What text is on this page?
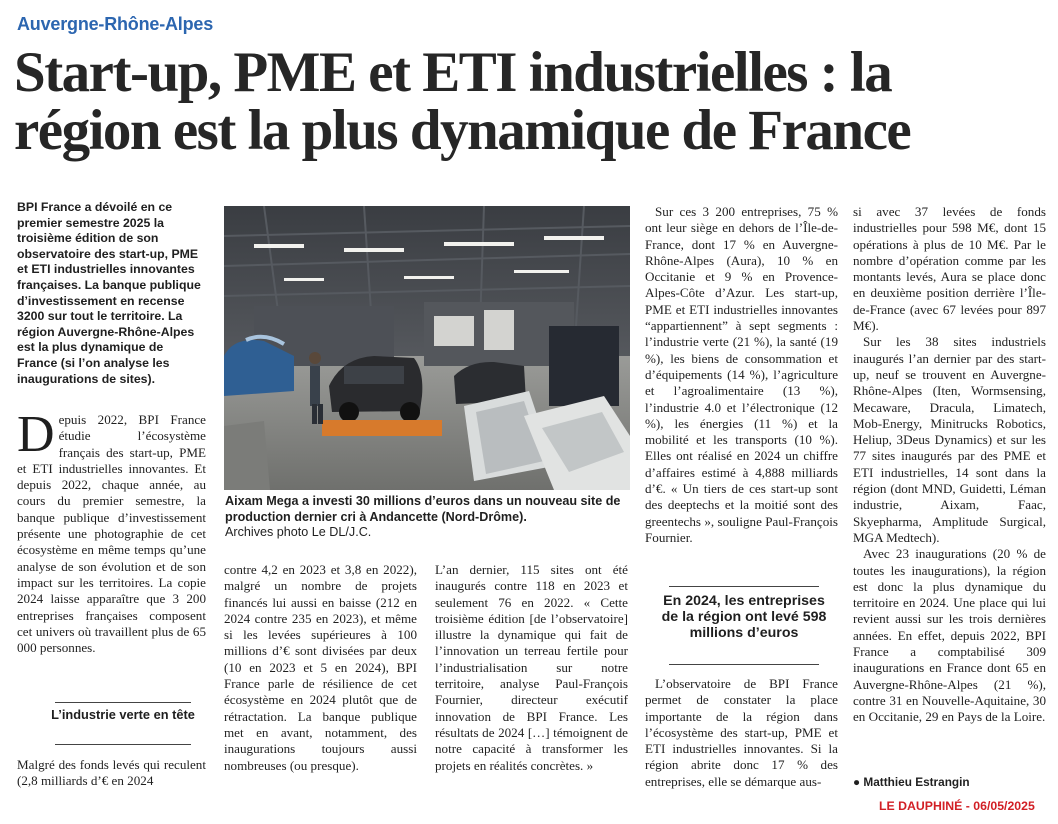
Auvergne-Rhône-Alpes
Start-up, PME et ETI industrielles : la
région est la plus dynamique de France
BPI France a dévoilé en ce premier semestre 2025 la troisième édition de son observatoire des start-up, PME et ETI industrielles innovantes françaises. La banque publique d’investissement en recense 3200 sur tout le territoire. La région Auvergne-Rhône-Alpes est la plus dynamique de France (si l’on analyse les inaugurations de sites).

Depuis 2022, BPI France étudie l’écosystème français des start-up, PME et ETI industrielles innovantes. Et depuis 2022, chaque année, au cours du premier semestre, la banque publique d’investissement présente une photographie de cet écosystème en même temps qu’une analyse de son évolution et de son impact sur les territoires. La copie 2024 laisse apparaître que 3 200 entreprises françaises composent cet univers où travaillent plus de 65 000 personnes.

L’industrie verte en tête

Malgré des fonds levés qui reculent (2,8 milliards d’€ en 2024

Aixam Mega a investi 30 millions d’euros dans un nouveau site de production dernier cri à Andancette (Nord-Drôme).
Archives photo Le DL/J.C.

contre 4,2 en 2023 et 3,8 en 2022), malgré un nombre de projets financés lui aussi en baisse (212 en 2024 contre 235 en 2023), et même si les levées supérieures à 100 millions d’€ sont divisées par deux (10 en 2023 et 5 en 2024), BPI France parle de résilience de cet écosystème en 2024 plutôt que de rétractation. La banque publique met en avant, notamment, des inaugurations toujours aussi nombreuses (ou presque).

L’an dernier, 115 sites ont été inaugurés contre 118 en 2023 et seulement 76 en 2022. « Cette troisième édition [de l’observatoire] illustre la dynamique qui fait de l’innovation un terreau fertile pour l’industrialisation sur notre territoire, analyse Paul-François Fournier, directeur exécutif innovation de BPI France. Les résultats de 2024 […] témoignent de notre capacité à transformer les projets en réalités concrètes. »

Sur ces 3 200 entreprises, 75 % ont leur siège en dehors de l’Île-de-France, dont 17 % en Auvergne-Rhône-Alpes (Aura), 10 % en Occitanie et 9 % en Provence-Alpes-Côte d’Azur. Les start-up, PME et ETI industrielles innovantes “appartiennent” à sept segments : l’industrie verte (21 %), la santé (19 %), les biens de consommation et d’équipements (14 %), l’agriculture et l’agroalimentaire (13 %), l’industrie 4.0 et l’électronique (12 %), les énergies (11 %) et la mobilité et les transports (10 %). Elles ont réalisé en 2024 un chiffre d’affaires estimé à 4,888 milliards d’€. « Un tiers de ces start-up sont des deeptechs et la moitié sont des greentechs », souligne Paul-François Fournier.

En 2024, les entreprises de la région ont levé 598 millions d’euros

L’observatoire de BPI France permet de constater la place importante de la région dans l’écosystème des start-up, PME et ETI industrielles innovantes. Si la région abrite donc 17 % des entreprises, elle se démarque aus-

si avec 37 levées de fonds industrielles pour 598 M€, dont 15 opérations à plus de 10 M€. Par le nombre d’opération comme par les montants levés, Aura se place donc en deuxième position derrière l’Île-de-France (avec 67 levées pour 897 M€).

Sur les 38 sites industriels inaugurés l’an dernier par des start-up, neuf se trouvent en Auvergne-Rhône-Alpes (Iten, Wormsensing, Mecaware, Dracula, Limatech, Mob-Energy, Minitrucks Robotics, Heliup, 3Deus Dynamics) et sur les 77 sites inaugurés par des PME et ETI industrielles, 14 sont dans la région (dont MND, Guidetti, Léman industrie, Aixam, Faac, Skyepharma, Amplitude Surgical, MGA Medtech).

Avec 23 inaugurations (20 % de toutes les inaugurations), la région est donc la plus dynamique du territoire en 2024. Une place qui lui revient aussi sur les trois dernières années. En effet, depuis 2022, BPI France a comptabilisé 309 inaugurations en France dont 65 en Auvergne-Rhône-Alpes (21 %), contre 31 en Nouvelle-Aquitaine, 30 en Occitanie, 29 en Pays de la Loire.

● Matthieu Estrangin
LE DAUPHINÉ - 06/05/2025
